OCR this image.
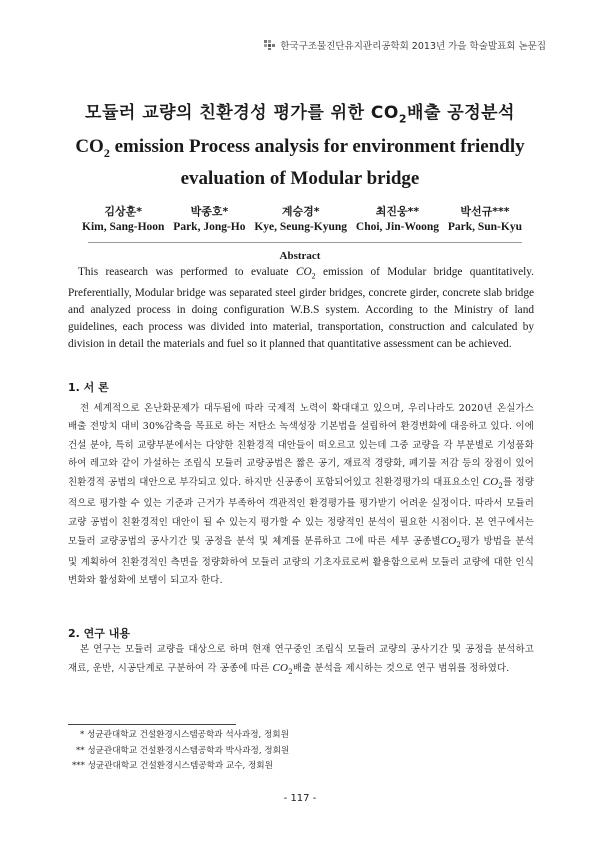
한국구조물진단유지관리공학회 2013년 가을 학술발표회 논문집
모듈러 교량의 친환경성 평가를 위한 $CO_2$배출 공정분석
$CO_2$ emission Process analysis for environment friendly
evaluation of Modular bridge
김상훈*
Kim, Sang-Hoon
박종호*
Park, Jong-Ho
계승경*
Kye, Seung-Kyung
최진웅**
Choi, Jin-Woong
박선규***
Park, Sun-Kyu
Abstract
This reasearch was performed to evaluate $CO_2$ emission of Modular bridge quantitatively. Preferentially, Modular bridge was separated steel girder bridges, concrete girder, concrete slab bridge and analyzed process in doing configuration W.B.S system. According to the Ministry of land guidelines, each process was divided into material, transportation, construction and calculated by division in detail the materials and fuel so it planned that quantitative assessment can be achieved.
1. 서 론
전 세계적으로 온난화문제가 대두됨에 따라 국제적 노력이 확대대고 있으며, 우리나라도 2020년 온실가스 배출 전망치 대비 30%감축을 목표로 하는 저탄소 녹색성장 기본법을 설립하여 환경변화에 대응하고 있다. 이에 건설 분야, 특히 교량부분에서는 다양한 친환경적 대안들이 떠오르고 있는데 그중 교량을 각 부분별로 기성품화하여 레고와 같이 가설하는 조립식 모듈러 교량공법은 짧은 공기, 재료적 경량화, 폐기물 저감 등의 장점이 있어 친환경적 공법의 대안으로 부각되고 있다. 하지만 신공종이 포함되어있고 친환경평가의 대표요소인 $CO_2$를 정량적으로 평가할 수 있는 기준과 근거가 부족하여 객관적인 환경평가를 평가받기 어려운 실정이다. 따라서 모듈러 교량 공법이 친환경적인 대안이 될 수 있는지 평가할 수 있는 정량적인 분석이 필요한 시점이다. 본 연구에서는 모듈러 교량공법의 공사기간 및 공정을 분석 및 체계를 분류하고 그에 따른 세부 공종별$CO_2$평가 방법을 분석 및 계획하여 친환경적인 측면을 정량화하여 모듈러 교량의 기초자료로써 활용함으로써 모듈러 교량에 대한 인식변화와 활성화에 보탬이 되고자 한다.
2. 연구 내용
본 연구는 모듈러 교량을 대상으로 하며 현재 연구중인 조립식 모듈러 교량의 공사기간 및 공정을 분석하고 재료, 운반, 시공단계로 구분하여 각 공종에 따른 $CO_2$배출 분석을 제시하는 것으로 연구 범위를 정하였다.
* 성균관대학교 건설환경시스템공학과 석사과정, 정회원
** 성균관대학교 건설환경시스템공학과 박사과정, 정회원
*** 성균관대학교 건설환경시스템공학과 교수, 정회원
- 117 -
